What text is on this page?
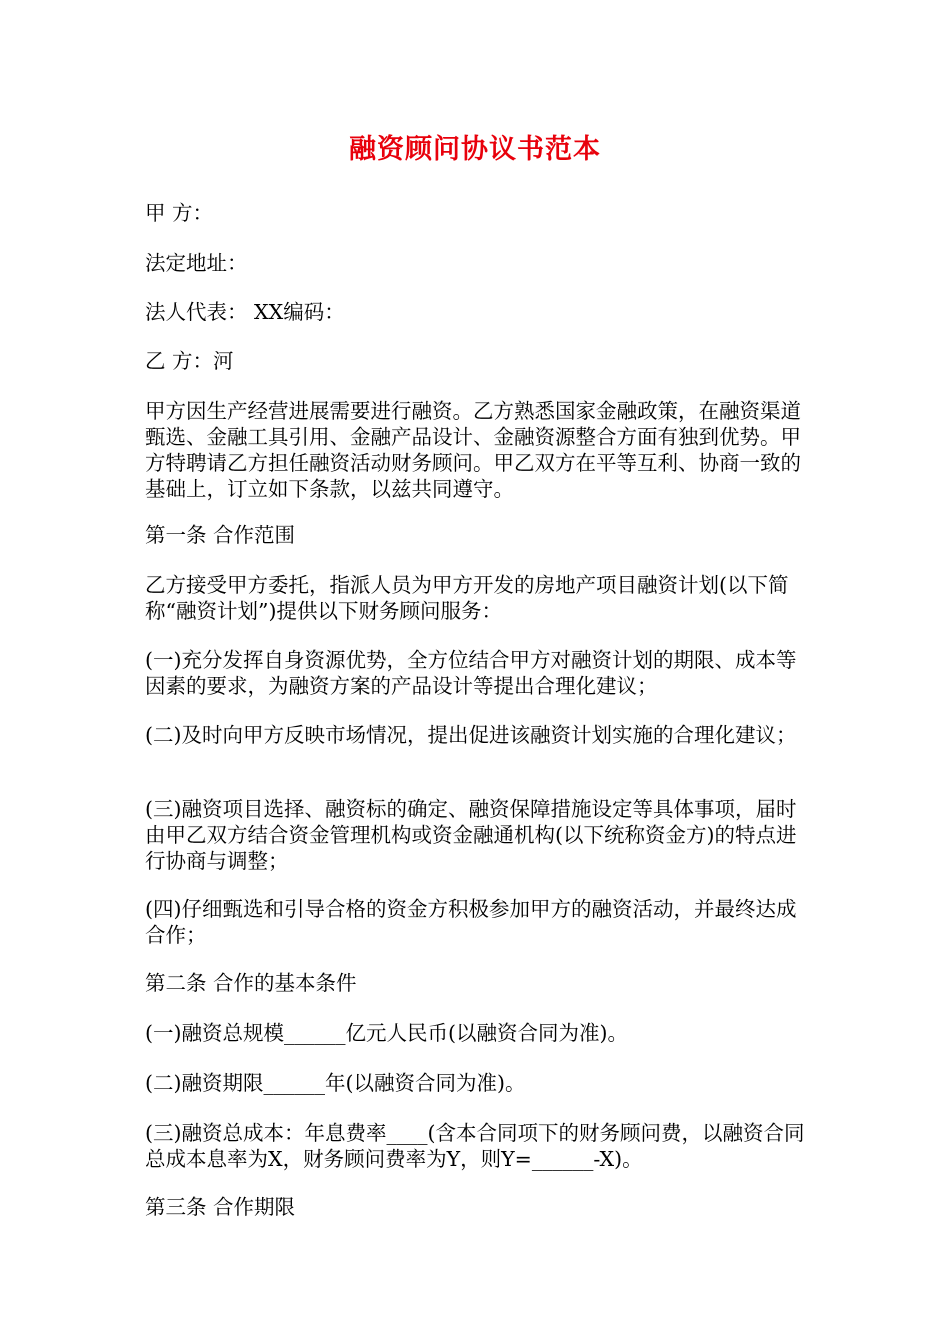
融资顾问协议书范本

甲 方：

法定地址：

法人代表： XX编码：

乙 方：河

甲方因生产经营进展需要进行融资。乙方熟悉国家金融政策，在融资渠道甄选、金融工具引用、金融产品设计、金融资源整合方面有独到优势。甲方特聘请乙方担任融资活动财务顾问。甲乙双方在平等互利、协商一致的基础上，订立如下条款，以兹共同遵守。

第一条 合作范围

乙方接受甲方委托，指派人员为甲方开发的房地产项目融资计划(以下简称“融资计划”)提供以下财务顾问服务：

(一)充分发挥自身资源优势，全方位结合甲方对融资计划的期限、成本等因素的要求，为融资方案的产品设计等提出合理化建议；

(二)及时向甲方反映市场情况，提出促进该融资计划实施的合理化建议；

(三)融资项目选择、融资标的确定、融资保障措施设定等具体事项，届时由甲乙双方结合资金管理机构或资金融通机构(以下统称资金方)的特点进行协商与调整；

(四)仔细甄选和引导合格的资金方积极参加甲方的融资活动，并最终达成合作；

第二条 合作的基本条件

(一)融资总规模______亿元人民币(以融资合同为准)。

(二)融资期限______年(以融资合同为准)。

(三)融资总成本：年息费率____(含本合同项下的财务顾问费，以融资合同总成本息率为X，财务顾问费率为Y，则Y=______-X)。

第三条 合作期限
